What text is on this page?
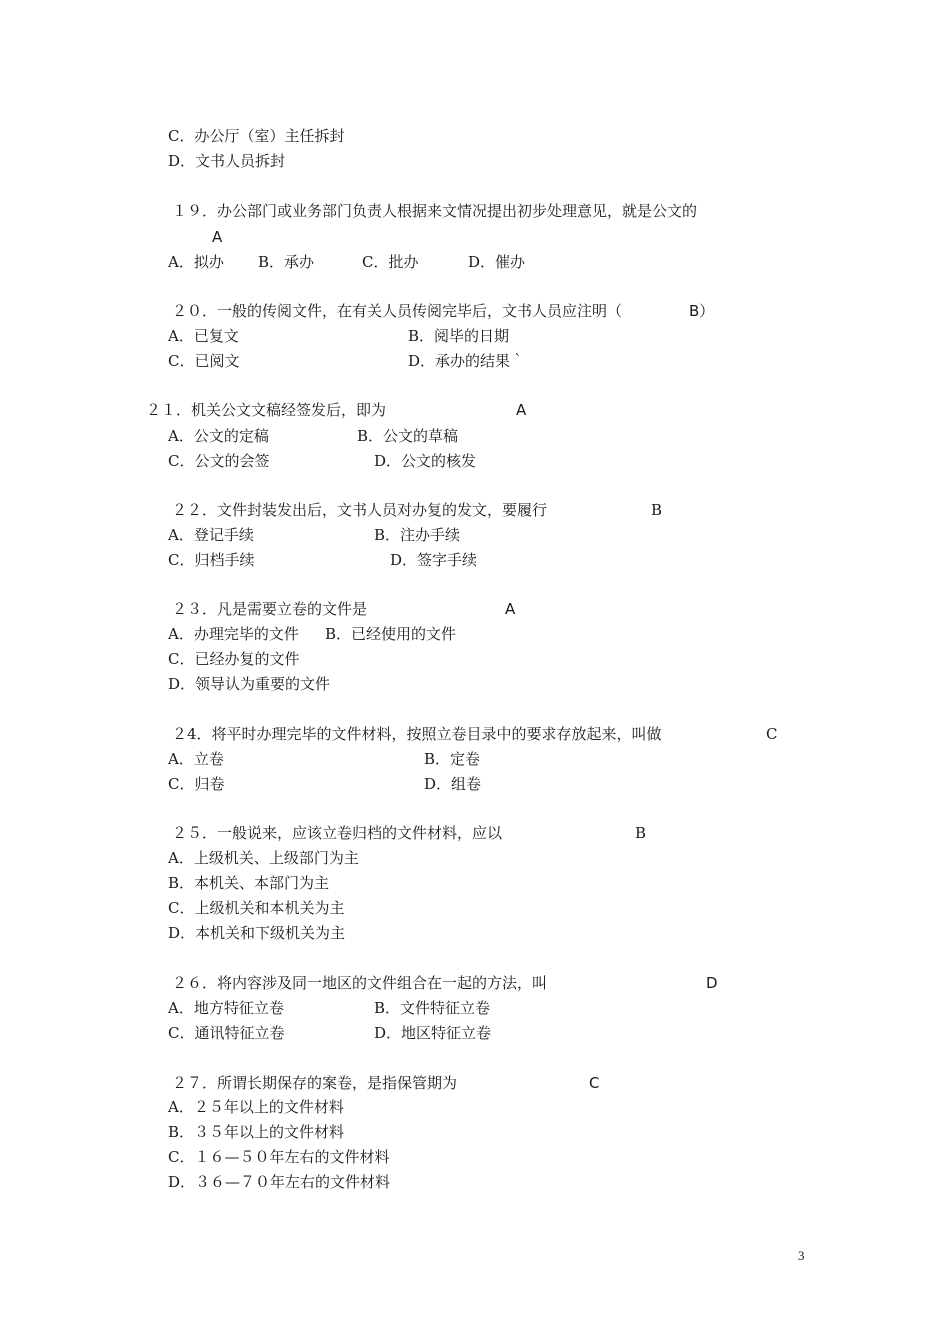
C．办公厅（室）主任拆封
D．文书人员拆封
１９．办公部门或业务部门负责人根据来文情况提出初步处理意见，就是公文的
A
A．拟办 B．承办	C．批办	D．催办
２０．一般的传阅文件，在有关人员传阅完毕后，文书人员应注明（	B）
A．已复文	B．阅毕的日期
C．已阅文	D．承办的结果｀
２１．机关公文文稿经签发后，即为	A
A．公文的定稿	B．公文的草稿
C．公文的会签	D．公文的核发
２２．文件封装发出后，文书人员对办复的发文，要履行	B
A．登记手续	B．注办手续
C．归档手续	D．签字手续
２３．凡是需要立卷的文件是	A
A．办理完毕的文件 B．已经使用的文件
C．已经办复的文件
D．领导认为重要的文件
２4．将平时办理完毕的文件材料，按照立卷目录中的要求存放起来，叫做	C
A．立卷	B．定卷
C．归卷	D．组卷
２５．一般说来，应该立卷归档的文件材料，应以	B
A．上级机关、上级部门为主
B．本机关、本部门为主
C．上级机关和本机关为主
D．本机关和下级机关为主
２６．将内容涉及同一地区的文件组合在一起的方法，叫	D
A．地方特征立卷	B．文件特征立卷
C．通讯特征立卷	D．地区特征立卷
２７．所谓长期保存的案卷，是指保管期为	C
A．２５年以上的文件材料
B．３５年以上的文件材料
C．１６—５０年左右的文件材料
D．３６—７０年左右的文件材料
3
